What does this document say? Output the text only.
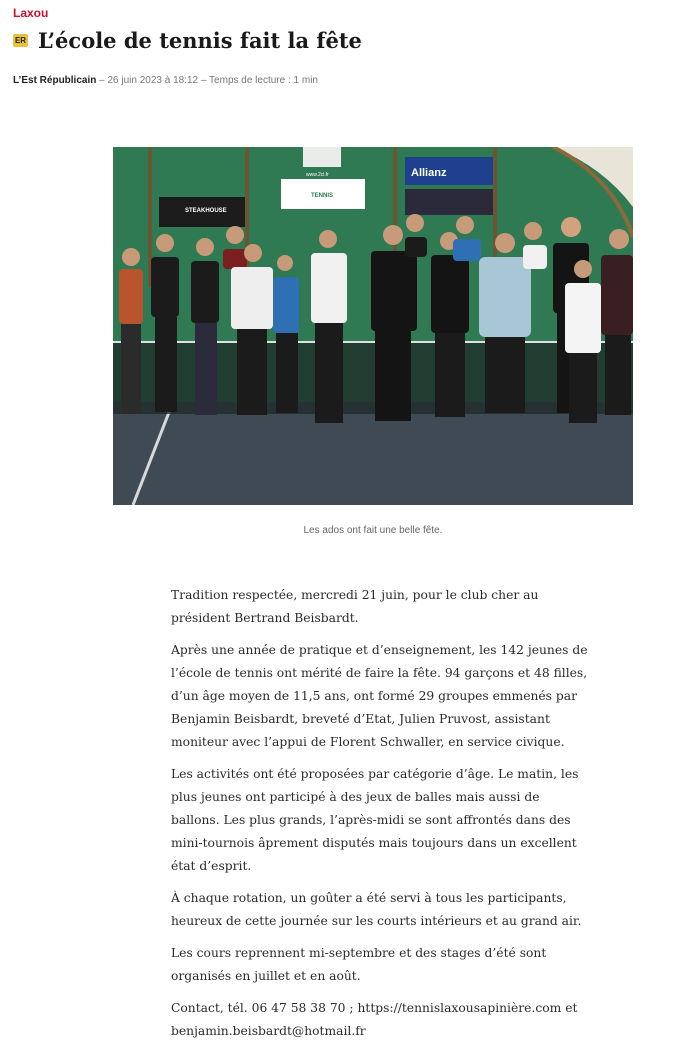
Laxou
ER L’école de tennis fait la fête
L’Est Républicain – 26 juin 2023 à 18:12 – Temps de lecture : 1 min
STEAKHOUSE
TENNIS
www.2cl.fr	Allianz
Les ados ont fait une belle fête.

Tradition respectée, mercredi 21 juin, pour le club cher au président Bertrand Beisbardt.

Après une année de pratique et d’enseignement, les 142 jeunes de l’école de tennis ont mérité de faire la fête. 94 garçons et 48 filles, d’un âge moyen de 11,5 ans, ont formé 29 groupes emmenés par Benjamin Beisbardt, breveté d’Etat, Julien Pruvost, assistant moniteur avec l’appui de Florent Schwaller, en service civique.

Les activités ont été proposées par catégorie d’âge. Le matin, les plus jeunes ont participé à des jeux de balles mais aussi de ballons. Les plus grands, l’après-midi se sont affrontés dans des mini-tournois âprement disputés mais toujours dans un excellent état d’esprit.

À chaque rotation, un goûter a été servi à tous les participants, heureux de cette journée sur les courts intérieurs et au grand air.

Les cours reprennent mi-septembre et des stages d’été sont organisés en juillet et en août.

Contact, tél. 06 47 58 38 70 ; https://tennislaxousapinière.com et benjamin.beisbardt@hotmail.fr
